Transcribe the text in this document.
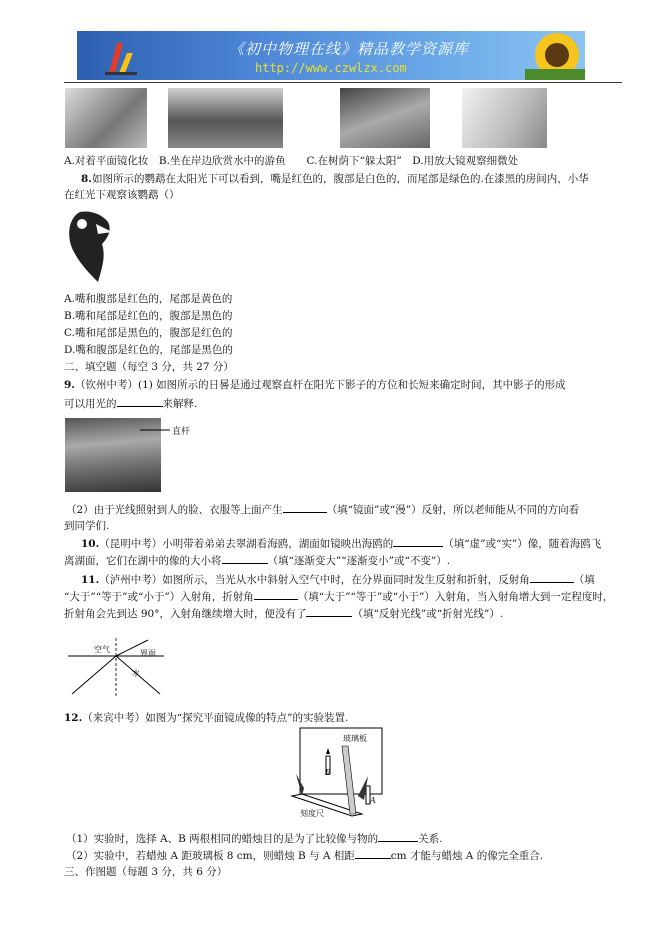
《初中物理在线》精品教学资源库
http://www.czwlzx.com
A.对着平面镜化妆　B.坐在岸边欣赏水中的游鱼　　C.在树荫下“躲太阳”　D.用放大镜观察细微处
8.如图所示的鹦鹉在太阳光下可以看到，嘴是红色的，腹部是白色的，而尾部是绿色的.在漆黑的房间内，小华
在红光下观察该鹦鹉（）
A.嘴和腹部是红色的，尾部是黄色的
B.嘴和尾部是红色的，腹部是黑色的
C.嘴和尾部是黑色的，腹部是红色的
D.嘴和腹部是红色的，尾部是黑色的
二、填空题（每空 3 分，共 27 分）
9.（钦州中考）(1) 如图所示的日晷是通过观察直杆在阳光下影子的方位和长短来确定时间，其中影子的形成
可以用光的	来解释.
直杆
（2）由于光线照射到人的脸、衣服等上面产生	（填“镜面”或“漫”）反射，所以老师能从不同的方向看
到同学们.
10.（昆明中考）小明带着弟弟去翠湖看海鸥，湖面如镜映出海鸥的	（填“虚”或“实”）像，随着海鸥飞
离湖面，它们在湖中的像的大小将	（填“逐渐变大”“逐渐变小”或“不变”）.
11.（泸州中考）如图所示，当光从水中斜射入空气中时，在分界面同时发生反射和折射，反射角	（填
“大于”“等于”或“小于”）入射角，折射角	（填“大于”“等于”或“小于”）入射角，当入射角增大到一定程度时，
折射角会先到达 90°，入射角继续增大时，便没有了	（填“反射光线”或“折射光线”）.
空气	界面
水
12.（来宾中考）如图为“探究平面镜成像的特点”的实验装置.
玻璃板
B
A
刻度尺
（1）实验时，选择 A、B 两根相同的蜡烛目的是为了比较像与物的	关系.
（2）实验中，若蜡烛 A 距玻璃板 8 cm，则蜡烛 B 与 A 相距	cm 才能与蜡烛 A 的像完全重合.
三、作图题（每题 3 分，共 6 分）
